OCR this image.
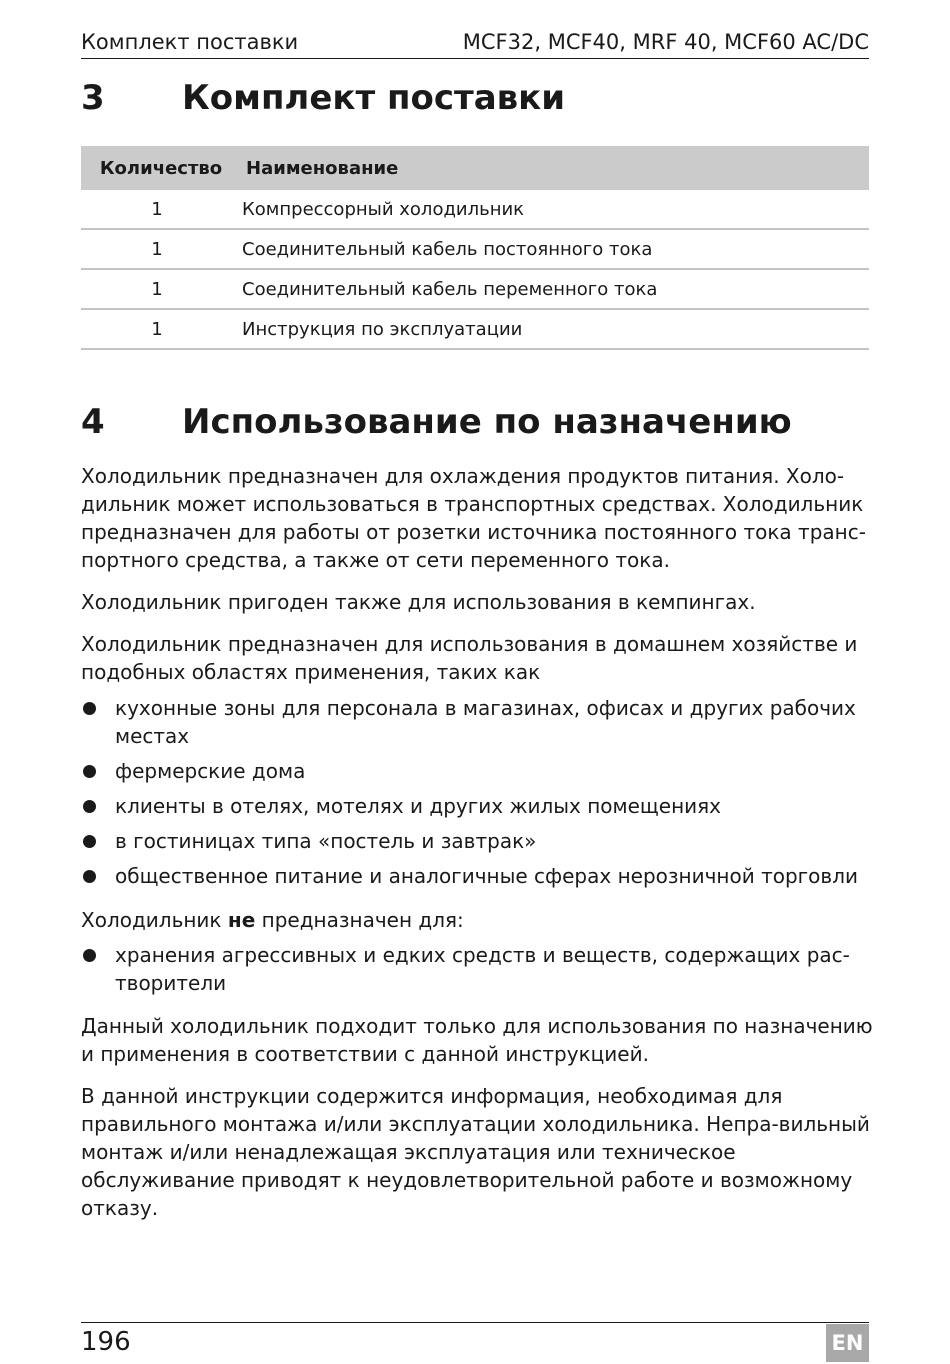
Комплект поставки	MCF32, MCF40, MRF 40, MCF60 AC/DC
3 Комплект поставки
Количество	Наименование
1	Компрессорный холодильник
1	Соединительный кабель постоянного тока
1	Соединительный кабель переменного тока
1	Инструкция по эксплуатации
4 Использование по назначению

Холодильник предназначен для охлаждения продуктов питания. Холо-дильник может использоваться в транспортных средствах. Холодильник предназначен для работы от розетки источника постоянного тока транс-портного средства, а также от сети переменного тока.

Холодильник пригоден также для использования в кемпингах.

Холодильник предназначен для использования в домашнем хозяйстве и подобных областях применения, таких как

кухонные зоны для персонала в магазинах, офисах и других рабочих местах
фермерские дома
клиенты в отелях, мотелях и других жилых помещениях
в гостиницах типа «постель и завтрак»
общественное питание и аналогичные сферах нерозничной торговли

Холодильник не предназначен для:

хранения агрессивных и едких средств и веществ, содержащих рас-творители

Данный холодильник подходит только для использования по назначению и применения в соответствии с данной инструкцией.

В данной инструкции содержится информация, необходимая для правильного монтажа и/или эксплуатации холодильника. Непра-вильный монтаж и/или ненадлежащая эксплуатация или техническое обслуживание приводят к неудовлетворительной работе и возможному отказу.

196	EN
